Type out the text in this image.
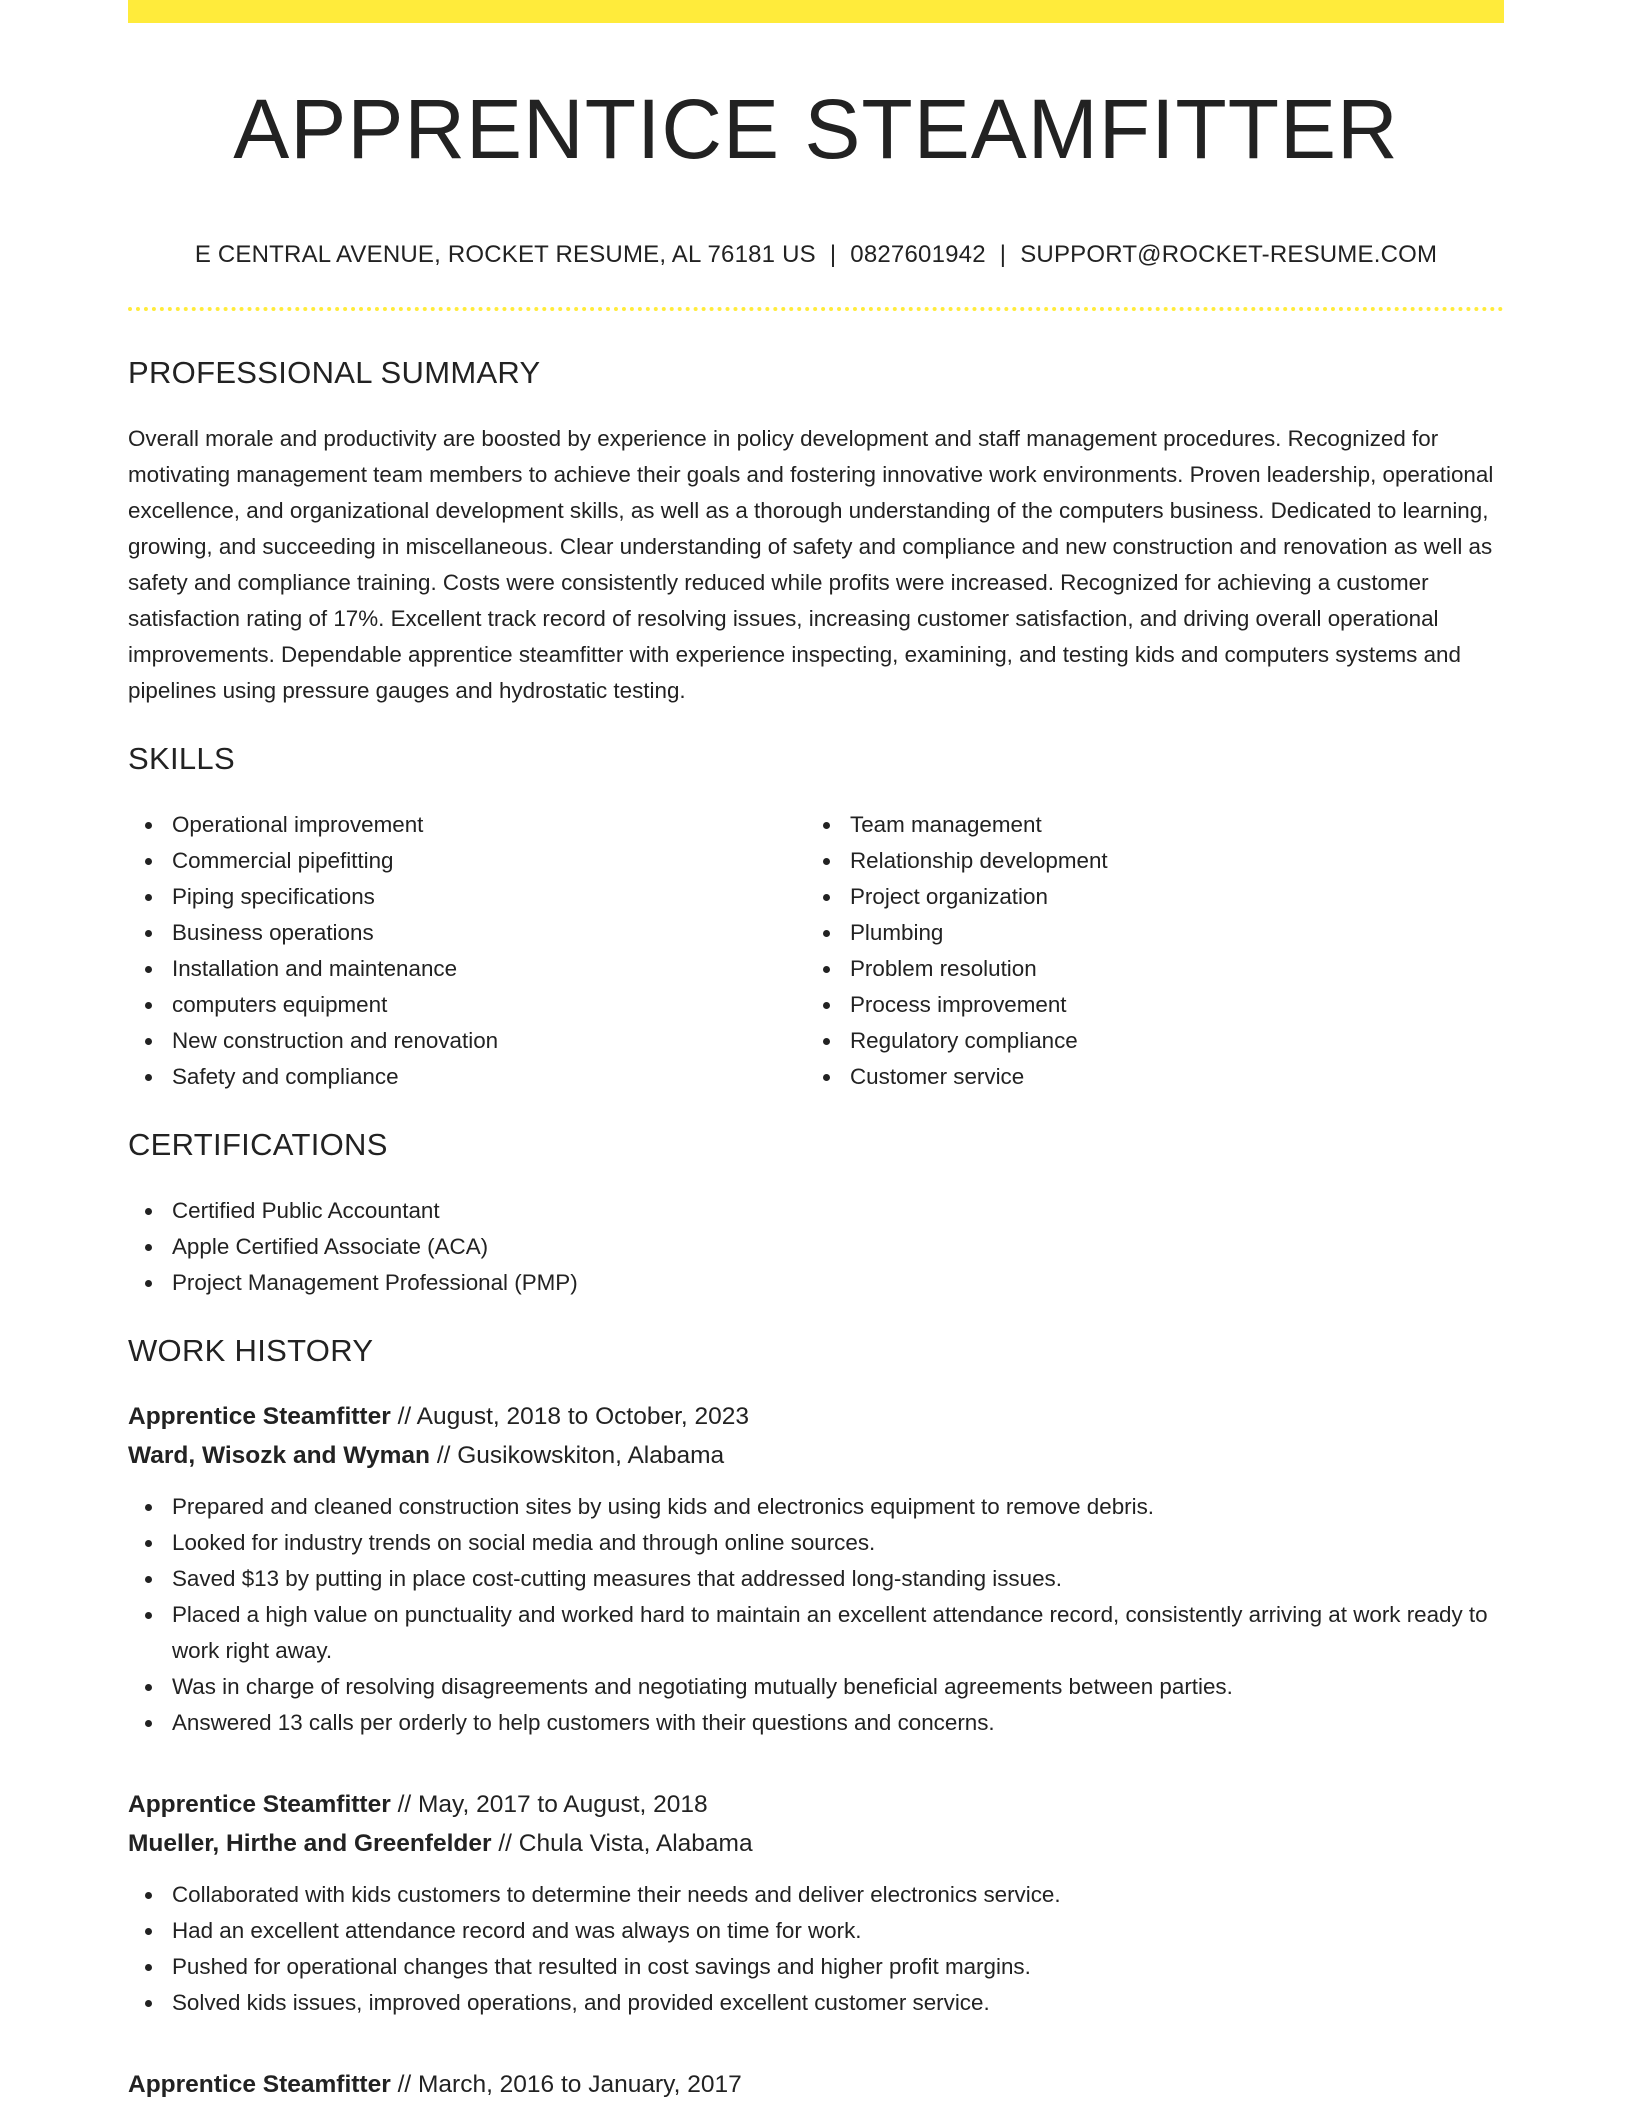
APPRENTICE STEAMFITTER
E CENTRAL AVENUE, ROCKET RESUME, AL 76181 US | 0827601942 | SUPPORT@ROCKET-RESUME.COM
PROFESSIONAL SUMMARY

Overall morale and productivity are boosted by experience in policy development and staff management procedures. Recognized for motivating management team members to achieve their goals and fostering innovative work environments. Proven leadership, operational excellence, and organizational development skills, as well as a thorough understanding of the computers business. Dedicated to learning, growing, and succeeding in miscellaneous. Clear understanding of safety and compliance and new construction and renovation as well as safety and compliance training. Costs were consistently reduced while profits were increased. Recognized for achieving a customer satisfaction rating of 17%. Excellent track record of resolving issues, increasing customer satisfaction, and driving overall operational improvements. Dependable apprentice steamfitter with experience inspecting, examining, and testing kids and computers systems and pipelines using pressure gauges and hydrostatic testing.

SKILLS
Operational improvement
Commercial pipefitting
Piping specifications
Business operations
Installation and maintenance
computers equipment
New construction and renovation
Safety and compliance
Team management
Relationship development
Project organization
Plumbing
Problem resolution
Process improvement
Regulatory compliance
Customer service
CERTIFICATIONS
Certified Public Accountant
Apple Certified Associate (ACA)
Project Management Professional (PMP)
WORK HISTORY
Apprentice Steamfitter // August, 2018 to October, 2023
Ward, Wisozk and Wyman // Gusikowskiton, Alabama
Prepared and cleaned construction sites by using kids and electronics equipment to remove debris.
Looked for industry trends on social media and through online sources.
Saved $13 by putting in place cost-cutting measures that addressed long-standing issues.
Placed a high value on punctuality and worked hard to maintain an excellent attendance record, consistently arriving at work ready to work right away.
Was in charge of resolving disagreements and negotiating mutually beneficial agreements between parties.
Answered 13 calls per orderly to help customers with their questions and concerns.
Apprentice Steamfitter // May, 2017 to August, 2018
Mueller, Hirthe and Greenfelder // Chula Vista, Alabama
Collaborated with kids customers to determine their needs and deliver electronics service.
Had an excellent attendance record and was always on time for work.
Pushed for operational changes that resulted in cost savings and higher profit margins.
Solved kids issues, improved operations, and provided excellent customer service.
Apprentice Steamfitter // March, 2016 to January, 2017
